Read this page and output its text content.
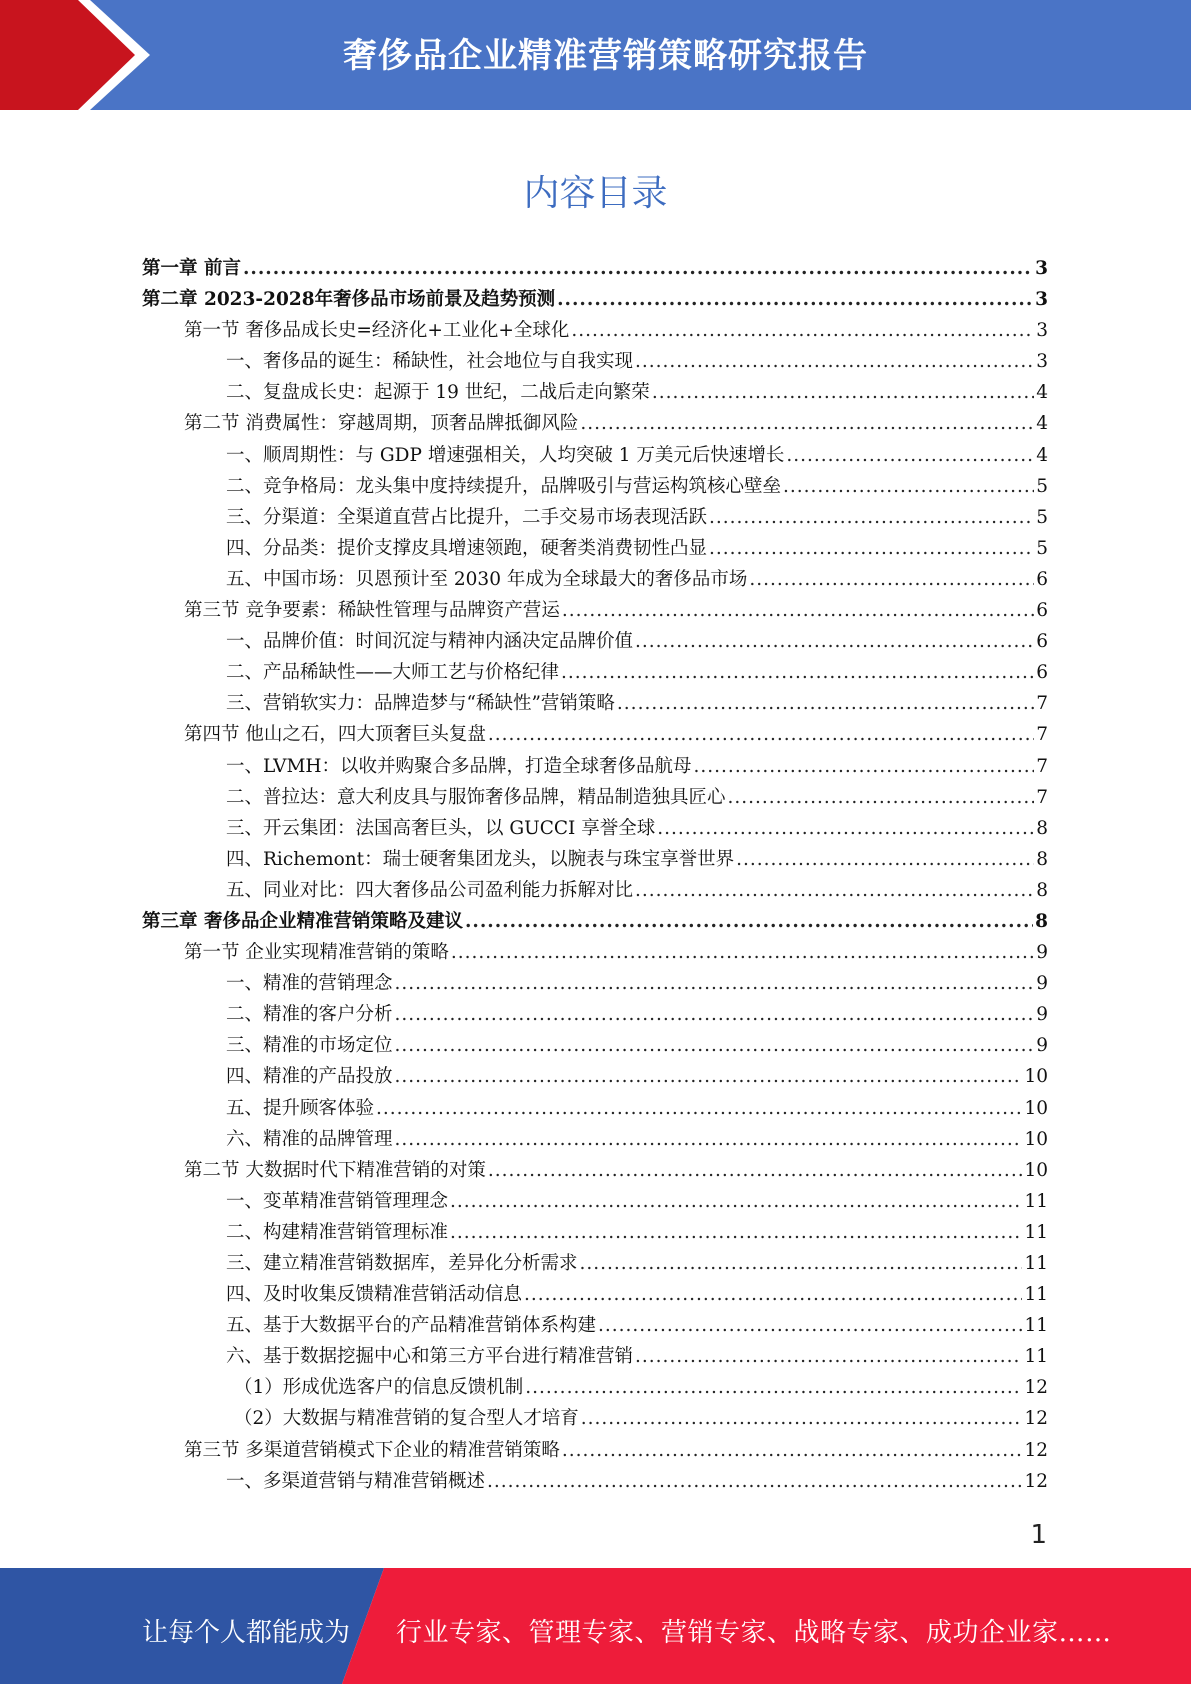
奢侈品企业精准营销策略研究报告
内容目录
第一章 前言 .....	3
第二章 2023-2028年奢侈品市场前景及趋势预测 .....	3
第一节 奢侈品成长史=经济化+工业化+全球化 .....	3
一、奢侈品的诞生：稀缺性，社会地位与自我实现 .....	3
二、复盘成长史：起源于 19 世纪，二战后走向繁荣 .....	4
第二节 消费属性：穿越周期，顶奢品牌抵御风险 .....	4
一、顺周期性：与 GDP 增速强相关，人均突破 1 万美元后快速增长 .....	4
二、竞争格局：龙头集中度持续提升，品牌吸引与营运构筑核心壁垒 .....	5
三、分渠道：全渠道直营占比提升，二手交易市场表现活跃 .....	5
四、分品类：提价支撑皮具增速领跑，硬奢类消费韧性凸显 .....	5
五、中国市场：贝恩预计至 2030 年成为全球最大的奢侈品市场 .....	6
第三节 竞争要素：稀缺性管理与品牌资产营运 .....	6
一、品牌价值：时间沉淀与精神内涵决定品牌价值 .....	6
二、产品稀缺性——大师工艺与价格纪律 .....	6
三、营销软实力：品牌造梦与“稀缺性”营销策略 .....	7
第四节 他山之石，四大顶奢巨头复盘 .....	7
一、LVMH：以收并购聚合多品牌，打造全球奢侈品航母 .....	7
二、普拉达：意大利皮具与服饰奢侈品牌，精品制造独具匠心 .....	7
三、开云集团：法国高奢巨头，以 GUCCI 享誉全球 .....	8
四、Richemont：瑞士硬奢集团龙头，以腕表与珠宝享誉世界 .....	8
五、同业对比：四大奢侈品公司盈利能力拆解对比 .....	8
第三章 奢侈品企业精准营销策略及建议 .....	8
第一节 企业实现精准营销的策略 .....	9
一、精准的营销理念 .....	9
二、精准的客户分析 .....	9
三、精准的市场定位 .....	9
四、精准的产品投放 .....	10
五、提升顾客体验 .....	10
六、精准的品牌管理 .....	10
第二节 大数据时代下精准营销的对策 .....	10
一、变革精准营销管理理念 .....	11
二、构建精准营销管理标准 .....	11
三、建立精准营销数据库，差异化分析需求 .....	11
四、及时收集反馈精准营销活动信息 .....	11
五、基于大数据平台的产品精准营销体系构建 .....	11
六、基于数据挖掘中心和第三方平台进行精准营销 .....	11
（1）形成优选客户的信息反馈机制 .....	12
（2）大数据与精准营销的复合型人才培育 .....	12
第三节 多渠道营销模式下企业的精准营销策略 .....	12
一、多渠道营销与精准营销概述 .....	12
1
让每个人都能成为 行业专家、管理专家、营销专家、战略专家、成功企业家……
